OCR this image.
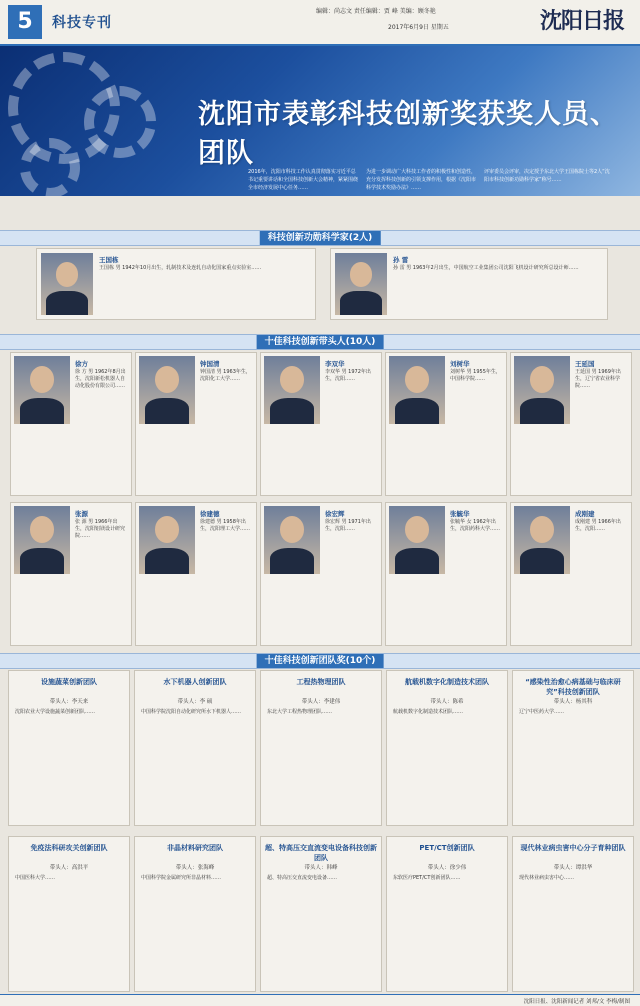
5	科技专刊
编辑：尚志文 责任编辑：贾 峰 美编：顾冬艳
2017年6月9日 星期五	沈阳日报
沈阳市表彰科技创新奖获奖人员、团队
2016年，沈阳市科技工作认真贯彻落实习近平总书记重要讲话和全国科技创新大会精神，紧紧围绕全市经济发展中心任务……
为进一步调动广大科技工作者的积极性和创造性，充分发挥科技创新的引领支撑作用，根据《沈阳市科学技术奖励办法》……
评审委员会评审，决定授予东北大学王国栋院士等2人“沈阳市科技创新功勋科学家”称号……
科技创新功勋科学家(2人)
王国栋
王国栋 男 1942年10月出生，轧制技术及连轧自动化国家重点实验室……
孙 雷
孙 雷 男 1963年2月出生，中国航空工业集团公司沈阳飞机设计研究所总设计师……
十佳科技创新带头人(10人)
十佳科技创新团队奖(10个)
沈阳日报、沈阳新闻记者 刘邦/文 李梅/制图
徐方
徐 方 男 1962年8月出生，沈阳新松机器人自动化股份有限公司……
钟国清
钟国清 男 1963年生，沈阳化工大学……
李双华
李双华 男 1972年出生，沈阳……
刘树华
刘树华 男 1955年生，中国科学院……
王延国
王延国 男 1969年出生，辽宁省农业科学院……
张源
张 源 男 1966年出生，沈阳铝镁设计研究院……
徐建德
徐建德 男 1958年出生，沈阳理工大学……
徐宏辉
徐宏辉 男 1971年出生，沈阳……
张毓华
张毓华 女 1962年出生，沈阳药科大学……
成刚建
成刚建 男 1966年出生，沈阳……
设施蔬菜创新团队
带头人：李天来
沈阳农业大学设施蔬菜创新团队……
水下机器人创新团队
带头人：李 硕
中国科学院沈阳自动化研究所水下机器人……
工程热物理团队
带头人：李建伟
东北大学工程热物理团队……
航载机数字化制造技术团队
带头人：陈希
航载机数字化制造技术团队……
“感染性治愈心病基础与临床研究”科技创新团队
带头人：杨其科
辽宁中医药大学……
免疫法科研攻关创新团队
带头人：高洪平
中国医科大学……
非晶材料研究团队
带头人：张海峰
中国科学院金属研究所非晶材料……
超、特高压交直流变电设备科技创新团队
带头人：韩峰
超、特高压交直流变电设备……
PET/CT创新团队
带头人：徐少伟
东软医疗PET/CT创新团队……
现代林业病虫害中心分子育种团队
带头人：谭洪华
现代林业病虫害中心……
